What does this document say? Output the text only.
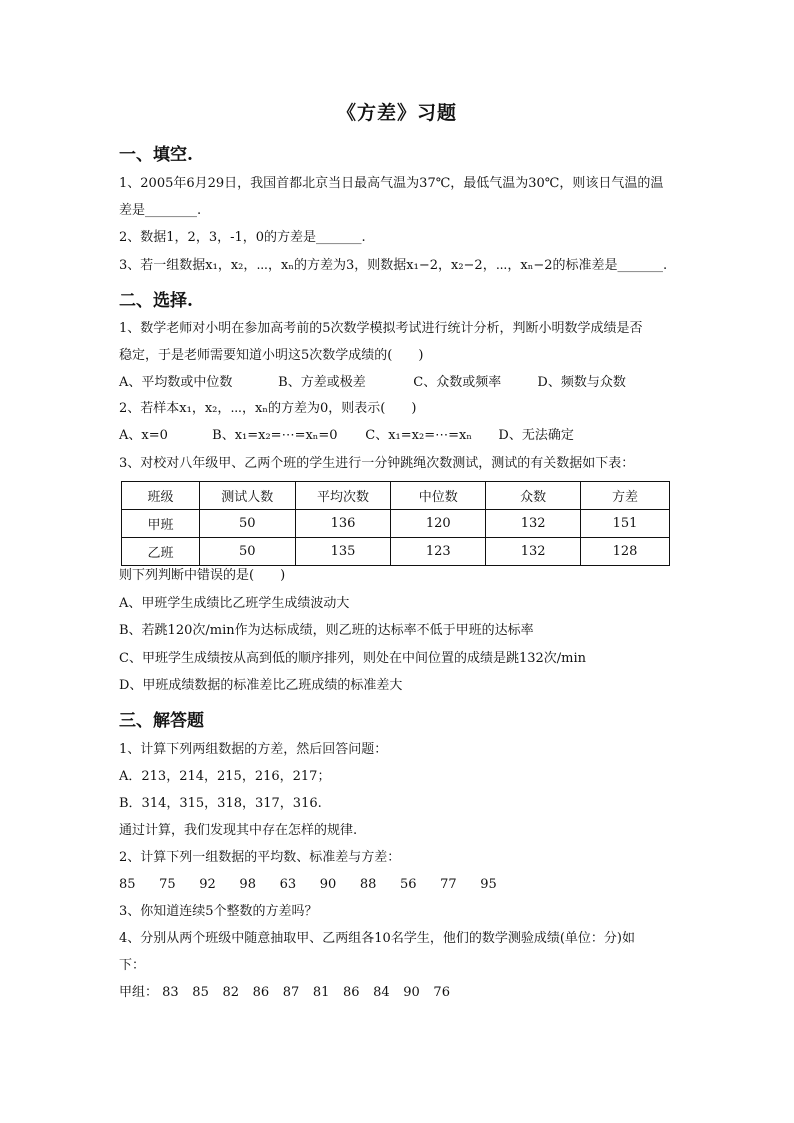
《方差》习题
一、填空.
1、2005年6月29日，我国首都北京当日最高气温为37℃，最低气温为30℃，则该日气温的温
差是________.
2、数据1，2，3，-1，0的方差是_______.
3、若一组数据x₁，x₂，⋯，xₙ的方差为3，则数据x₁−2，x₂−2，⋯，xₙ−2的标准差是_______.
二、选择.
1、数学老师对小明在参加高考前的5次数学模拟考试进行统计分析，判断小明数学成绩是否
稳定，于是老师需要知道小明这5次数学成绩的(　　)
A、平均数或中位数	B、方差或极差	C、众数或频率	D、频数与众数
2、若样本x₁，x₂，⋯，xₙ的方差为0，则表示(　　)
A、x=0	B、x₁=x₂=⋯=xₙ=0 C、x₁=x₂=⋯=xₙ D、无法确定
3、对校对八年级甲、乙两个班的学生进行一分钟跳绳次数测试，测试的有关数据如下表：
班级	测试人数	平均次数	中位数	众数	方差
甲班	50	136	120	132	151
乙班	50	135	123	132	128
则下列判断中错误的是(　　)
A、甲班学生成绩比乙班学生成绩波动大
B、若跳120次/min作为达标成绩，则乙班的达标率不低于甲班的达标率
C、甲班学生成绩按从高到低的顺序排列，则处在中间位置的成绩是跳132次/min
D、甲班成绩数据的标准差比乙班成绩的标准差大
三、解答题
1、计算下列两组数据的方差，然后回答问题：
A．213，214，215，216，217；
B．314，315，318，317，316.
通过计算，我们发现其中存在怎样的规律.
2、计算下列一组数据的平均数、标准差与方差：
85 75 92 98 63 90 88 56 77 95
3、你知道连续5个整数的方差吗？
4、分别从两个班级中随意抽取甲、乙两组各10名学生，他们的数学测验成绩(单位：分)如
下：
甲组： 83 85 82 86 87 81 86 84 90 76
